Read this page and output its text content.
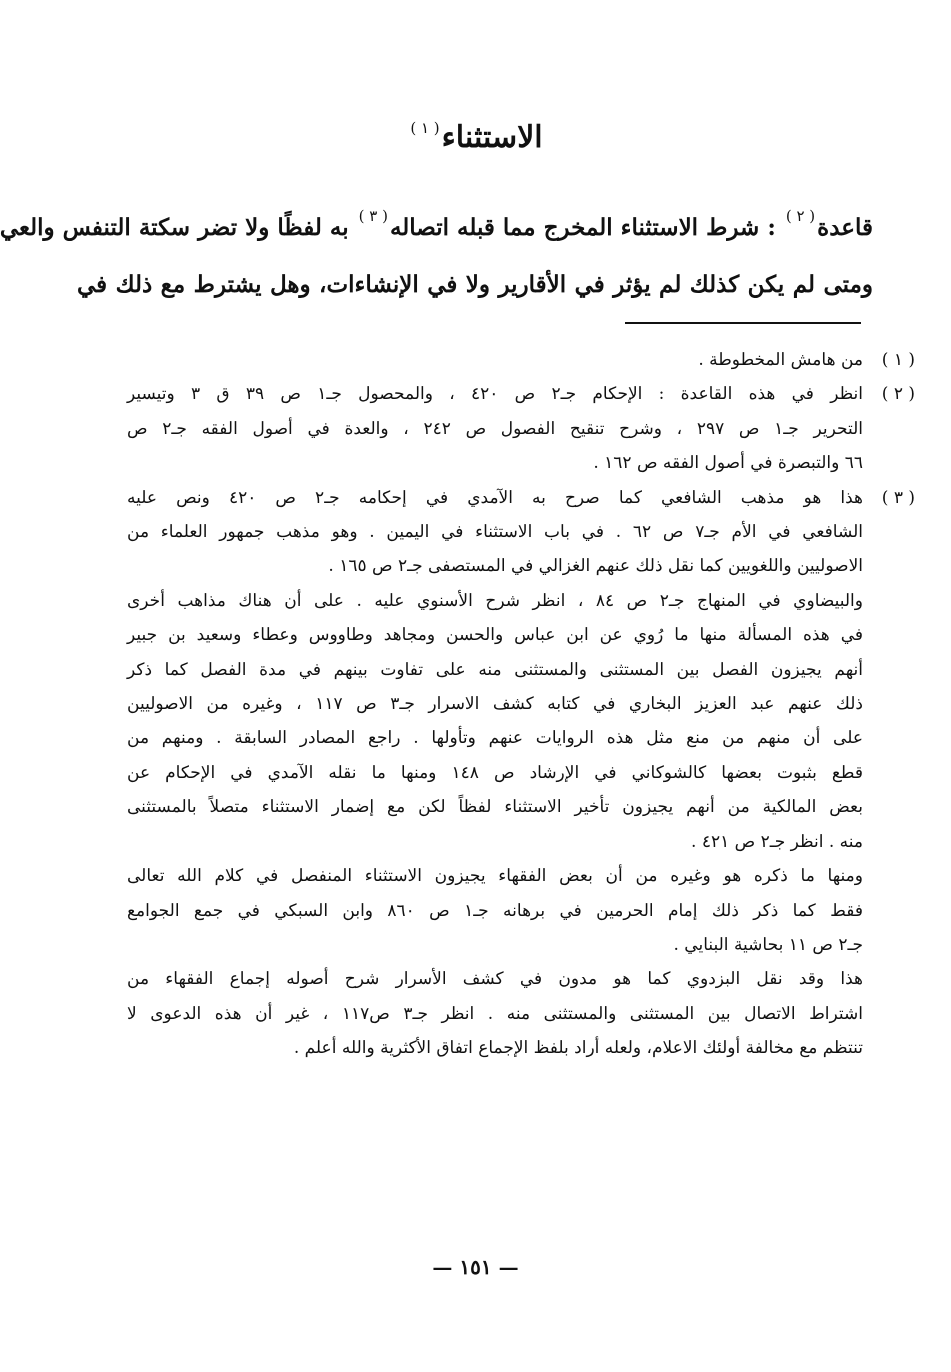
الاستثناء$^{( ١ )}$
قاعدة$^{( ٢ )}$ : شرط الاستثناء المخرج مما قبله اتصاله$^{( ٣ )}$ به لفظًا ولا تضر سكتة التنفس والعي
ومتى لم يكن كذلك لم يؤثر في الأقارير ولا في الإنشاءات، وهل يشترط مع ذلك في
( ١ )
من هامش المخطوطة .
( ٢ )
انظر في هذه القاعدة : الإحكام جـ٢ ص ٤٢٠ ، والمحصول جـ١ ص ٣٩ ق ٣ وتيسير
التحرير جـ١ ص ٢٩٧ ، وشرح تنقيح الفصول ص ٢٤٢ ، والعدة في أصول الفقه جـ٢ ص
٦٦ والتبصرة في أصول الفقه ص ١٦٢ .
( ٣ )
هذا هو مذهب الشافعي كما صرح به الآمدي في إحكامه جـ٢ ص ٤٢٠ ونص عليه
الشافعي في الأم جـ٧ ص ٦٢ . في باب الاستثناء في اليمين . وهو مذهب جمهور العلماء من
الاصوليين واللغويين كما نقل ذلك عنهم الغزالي في المستصفى جـ٢ ص ١٦٥ .
والبيضاوي في المنهاج جـ٢ ص ٨٤ ، انظر شرح الأسنوي عليه . على أن هناك مذاهب أخرى
في هذه المسألة منها ما رُوي عن ابن عباس والحسن ومجاهد وطاووس وعطاء وسعيد بن جبير
أنهم يجيزون الفصل بين المستثنى والمستثنى منه على تفاوت بينهم في مدة الفصل كما ذكر
ذلك عنهم عبد العزيز البخاري في كتابه كشف الاسرار جـ٣ ص ١١٧ ، وغيره من الاصوليين
على أن منهم من منع مثل هذه الروايات عنهم وتأولها . راجع المصادر السابقة . ومنهم من
قطع بثبوت بعضها كالشوكاني في الإرشاد ص ١٤٨ ومنها ما نقله الآمدي في الإحكام عن
بعض المالكية من أنهم يجيزون تأخير الاستثناء لفظاً لكن مع إضمار الاستثناء متصلاً بالمستثنى
منه . انظر جـ٢ ص ٤٢١ .
ومنها ما ذكره هو وغيره من أن بعض الفقهاء يجيزون الاستثناء المنفصل في كلام الله تعالى
فقط كما ذكر ذلك إمام الحرمين في برهانه جـ١ ص ٨٦٠ وابن السبكي في جمع الجوامع
جـ٢ ص ١١ بحاشية البنايي .
هذا وقد نقل البزدوي كما هو مدون في كشف الأسرار شرح أصوله إجماع الفقهاء من
اشتراط الاتصال بين المستثنى والمستثنى منه . انظر جـ٣ ص١١٧ ، غير أن هذه الدعوى لا
تنتظم مع مخالفة أولئك الاعلام، ولعله أراد بلفظ الإجماع اتفاق الأكثرية والله أعلم .
— ١٥١ —
